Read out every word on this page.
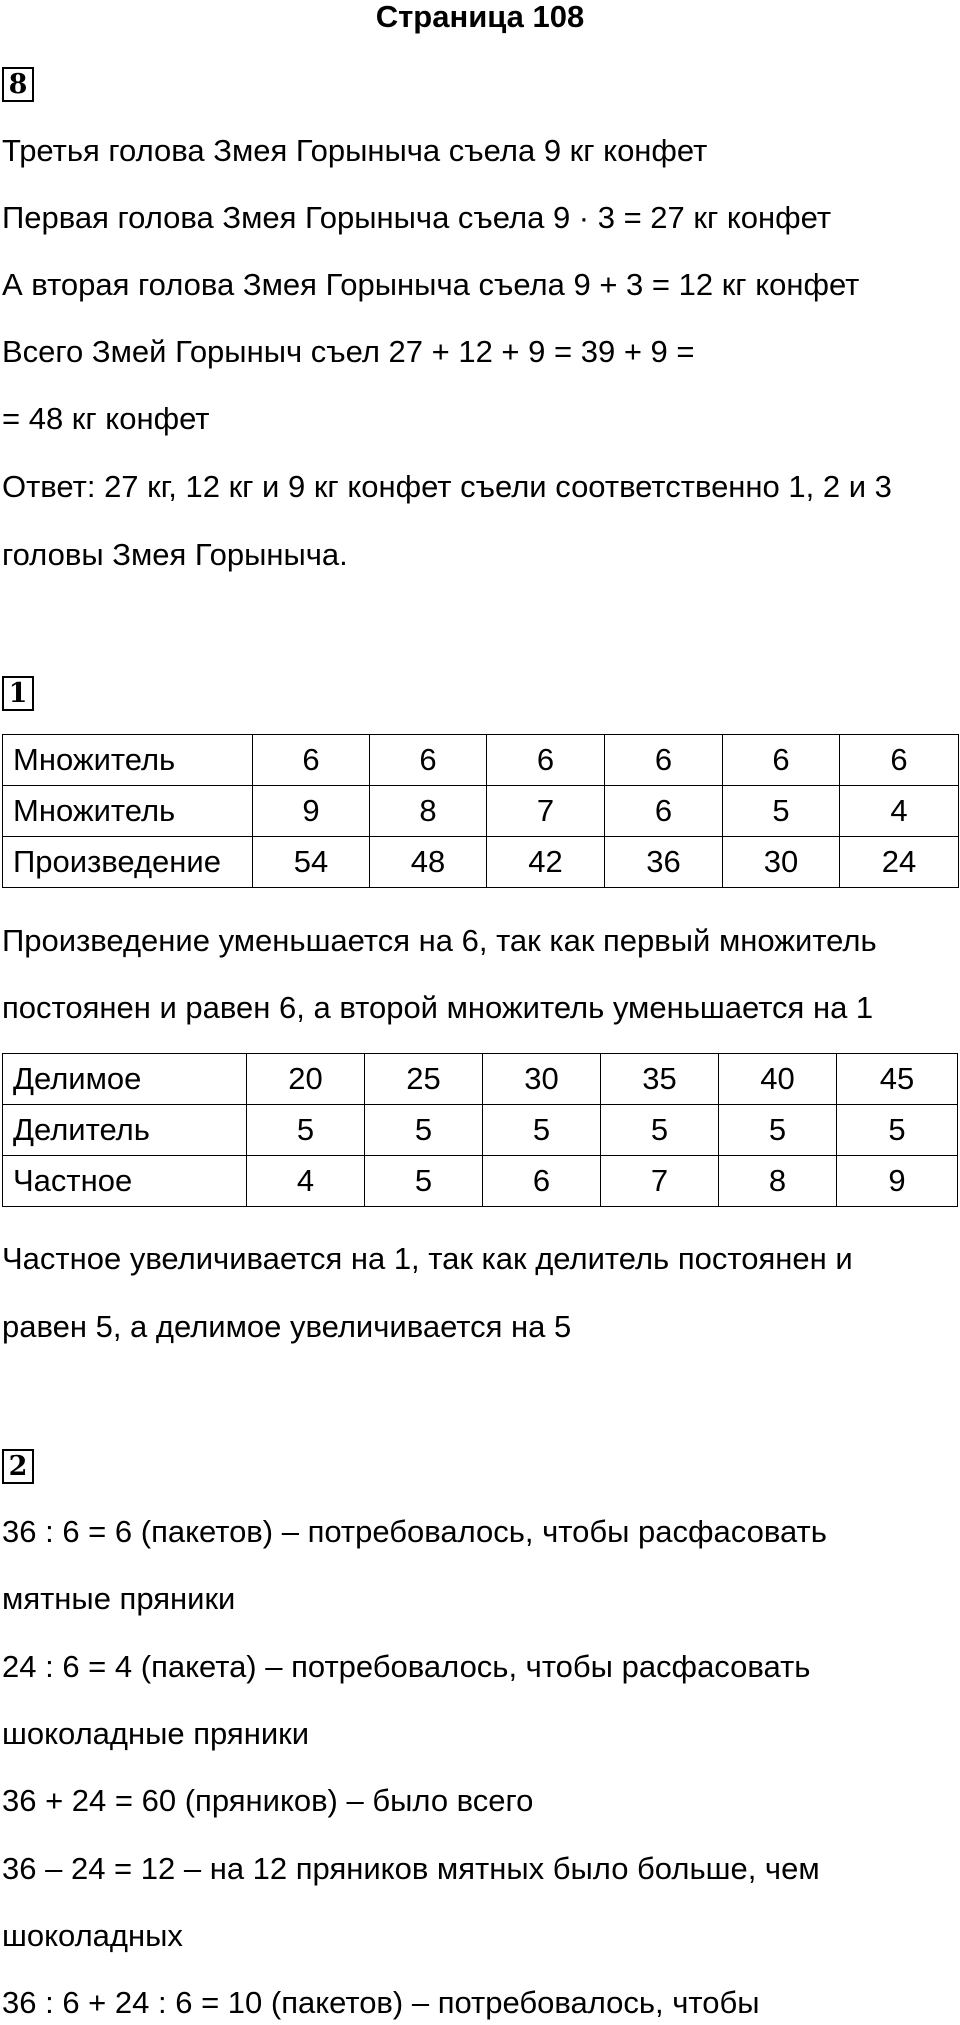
Страница 108
8
Третья голова Змея Горыныча съела 9 кг конфет
Первая голова Змея Горыныча съела 9 · 3 = 27 кг конфет
А вторая голова Змея Горыныча съела 9 + 3 = 12 кг конфет
Всего Змей Горыныч съел 27 + 12 + 9 = 39 + 9 =
= 48 кг конфет
Ответ: 27 кг, 12 кг и 9 кг конфет съели соответственно 1, 2 и 3
головы Змея Горыныча.
1
Множитель	6	6	6	6	6	6
Множитель	9	8	7	6	5	4
Произведение	54	48	42	36	30	24
Произведение уменьшается на 6, так как первый множитель
постоянен и равен 6, а второй множитель уменьшается на 1
Делимое	20	25	30	35	40	45
Делитель	5	5	5	5	5	5
Частное	4	5	6	7	8	9
Частное увеличивается на 1, так как делитель постоянен и
равен 5, а делимое увеличивается на 5
2
36 : 6 = 6 (пакетов) – потребовалось, чтобы расфасовать
мятные пряники
24 : 6 = 4 (пакета) – потребовалось, чтобы расфасовать
шоколадные пряники
36 + 24 = 60 (пряников) – было всего
36 – 24 = 12 – на 12 пряников мятных было больше, чем
шоколадных
36 : 6 + 24 : 6 = 10 (пакетов) – потребовалось, чтобы
